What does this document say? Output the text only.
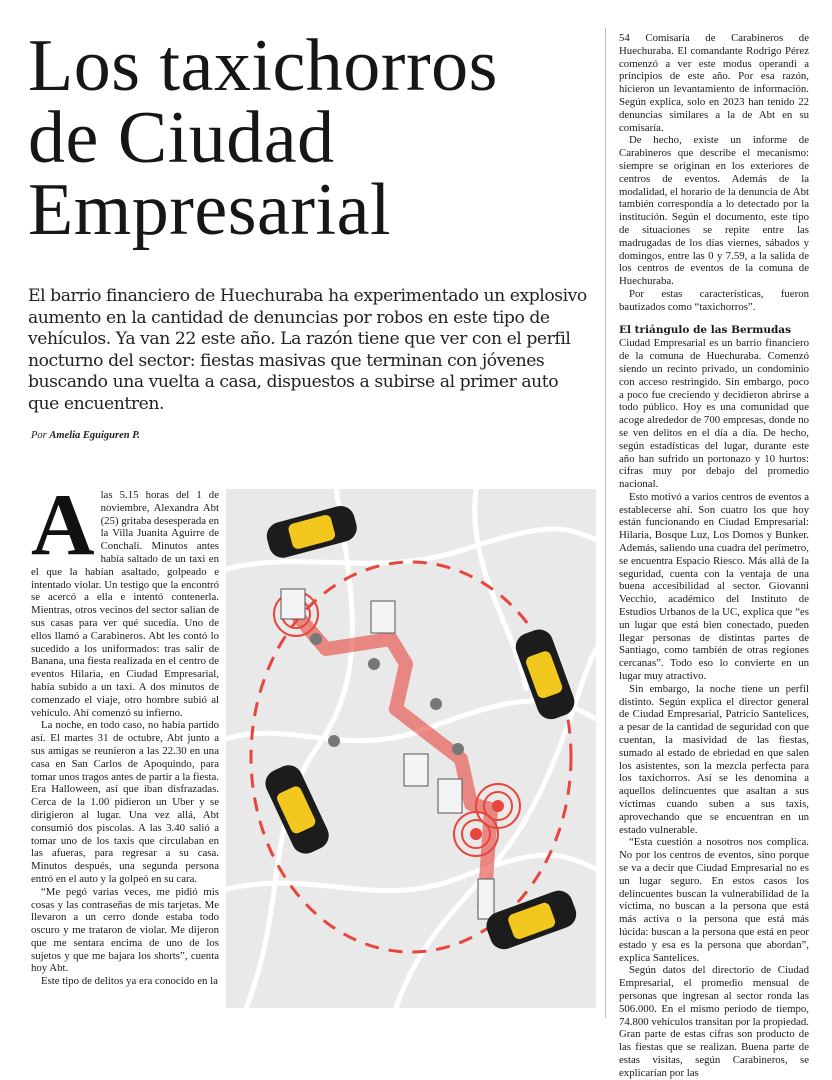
Los taxichorros
de Ciudad
Empresarial

El barrio financiero de Huechuraba ha experimentado un explosivo aumento en la cantidad de denuncias por robos en este tipo de vehículos. Ya van 22 este año. La razón tiene que ver con el perfil nocturno del sector: fiestas masivas que terminan con jóvenes buscando una vuelta a casa, dispuestos a subirse al primer auto que encuentren.

Por Amelia Eguiguren P.
A las 5.15 horas del 1 de noviembre, Alexandra Abt (25) gritaba desesperada en la Villa Juanita Aguirre de Conchalí. Minutos antes había saltado de un taxi en el que la habían asaltado, golpeado e intentado violar. Un testigo que la encontró se acercó a ella e intentó contenerla. Mientras, otros vecinos del sector salían de sus casas para ver qué sucedía. Uno de ellos llamó a Carabineros. Abt les contó lo sucedido a los uniformados: tras salir de Banana, una fiesta realizada en el centro de eventos Hilaria, en Ciudad Empresarial, había subido a un taxi. A dos minutos de comenzado el viaje, otro hombre subió al vehículo. Ahí comenzó su infierno.

La noche, en todo caso, no había partido así. El martes 31 de octubre, Abt junto a sus amigas se reunieron a las 22.30 en una casa en San Carlos de Apoquindo, para tomar unos tragos antes de partir a la fiesta. Era Halloween, así que iban disfrazadas. Cerca de la 1.00 pidieron un Uber y se dirigieron al lugar. Una vez allá, Abt consumió dos piscolas. A las 3.40 salió a tomar uno de los taxis que circulaban en las afueras, para regresar a su casa. Minutos después, una segunda persona entró en el auto y la golpeó en su cara.

“Me pegó varias veces, me pidió mis cosas y las contraseñas de mis tarjetas. Me llevaron a un cerro donde estaba todo oscuro y me trataron de violar. Me dijeron que me sentara encima de uno de los sujetos y que me bajara los shorts”, cuenta hoy Abt.

Este tipo de delitos ya era conocido en la

54 Comisaría de Carabineros de Huechuraba. El comandante Rodrigo Pérez comenzó a ver este modus operandi a principios de este año. Por esa razón, hicieron un levantamiento de información. Según explica, solo en 2023 han tenido 22 denuncias similares a la de Abt en su comisaría.

De hecho, existe un informe de Carabineros que describe el mecanismo: siempre se originan en los exteriores de centros de eventos. Además de la modalidad, el horario de la denuncia de Abt también correspondía a lo detectado por la institución. Según el documento, este tipo de situaciones se repite entre las madrugadas de los días viernes, sábados y domingos, entre las 0 y 7.59, a la salida de los centros de eventos de la comuna de Huechuraba.

Por estas características, fueron bautizados como “taxichorros”.

El triángulo de las Bermudas

Ciudad Empresarial es un barrio financiero de la comuna de Huechuraba. Comenzó siendo un recinto privado, un condominio con acceso restringido. Sin embargo, poco a poco fue creciendo y decidieron abrirse a todo público. Hoy es una comunidad que acoge alrededor de 700 empresas, donde no se ven delitos en el día a día. De hecho, según estadísticas del lugar, durante este año han sufrido un portonazo y 10 hurtos: cifras muy por debajo del promedio nacional.

Esto motivó a varios centros de eventos a establecerse ahí. Son cuatro los que hoy están funcionando en Ciudad Empresarial: Hilaria, Bosque Luz, Los Domos y Bunker. Además, saliendo una cuadra del perímetro, se encuentra Espacio Riesco. Más allá de la seguridad, cuenta con la ventaja de una buena accesibilidad al sector. Giovanni Vecchio, académico del Instituto de Estudios Urbanos de la UC, explica que “es un lugar que está bien conectado, pueden llegar personas de distintas partes de Santiago, como también de otras regiones cercanas”. Todo eso lo convierte en un lugar muy atractivo.

Sin embargo, la noche tiene un perfil distinto. Según explica el director general de Ciudad Empresarial, Patricio Santelices, a pesar de la cantidad de seguridad con que cuentan, la masividad de las fiestas, sumado al estado de ebriedad en que salen los asistentes, son la mezcla perfecta para los taxichorros. Así se les denomina a aquellos delincuentes que asaltan a sus víctimas cuando suben a sus taxis, aprovechando que se encuentran en un estado vulnerable.

“Esta cuestión a nosotros nos complica. No por los centros de eventos, sino porque se va a decir que Ciudad Empresarial no es un lugar seguro. En estos casos los delincuentes buscan la vulnerabilidad de la víctima, no buscan a la persona que está más activa o la persona que está más lúcida: buscan a la persona que está en peor estado y esa es la persona que abordan”, explica Santelices.

Según datos del directorio de Ciudad Empresarial, el promedio mensual de personas que ingresan al sector ronda las 506.000. En el mismo período de tiempo, 74.800 vehículos transitan por la propiedad. Gran parte de estas cifras son producto de las fiestas que se realizan. Buena parte de estas visitas, según Carabineros, se explicarían por las
